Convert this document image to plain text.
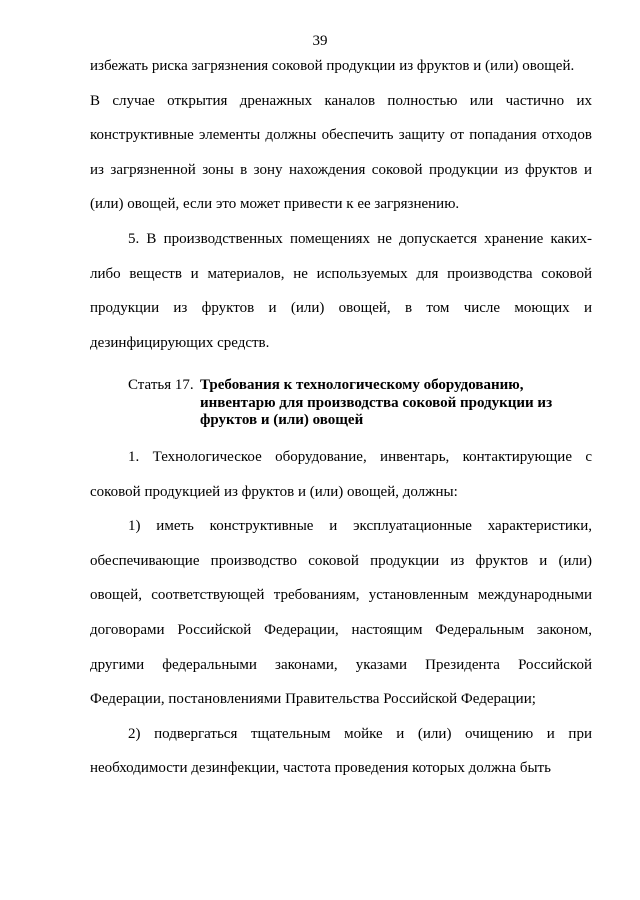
39

избежать риска загрязнения соковой продукции из фруктов и (или) овощей.

В случае открытия дренажных каналов полностью или частично их конструктивные элементы должны обеспечить защиту от попадания отходов из загрязненной зоны в зону нахождения соковой продукции из фруктов и (или) овощей, если это может привести к ее загрязнению.

5. В производственных помещениях не допускается хранение каких-либо веществ и материалов, не используемых для производства соковой продукции из фруктов и (или) овощей, в том числе моющих и дезинфицирующих средств.

Статья 17. Требования к технологическому оборудованию, инвентарю для производства соковой продукции из фруктов и (или) овощей

1. Технологическое оборудование, инвентарь, контактирующие с соковой продукцией из фруктов и (или) овощей, должны:

1) иметь конструктивные и эксплуатационные характеристики, обеспечивающие производство соковой продукции из фруктов и (или) овощей, соответствующей требованиям, установленным международными договорами Российской Федерации, настоящим Федеральным законом, другими федеральными законами, указами Президента Российской Федерации, постановлениями Правительства Российской Федерации;

2) подвергаться тщательным мойке и (или) очищению и при необходимости дезинфекции, частота проведения которых должна быть
